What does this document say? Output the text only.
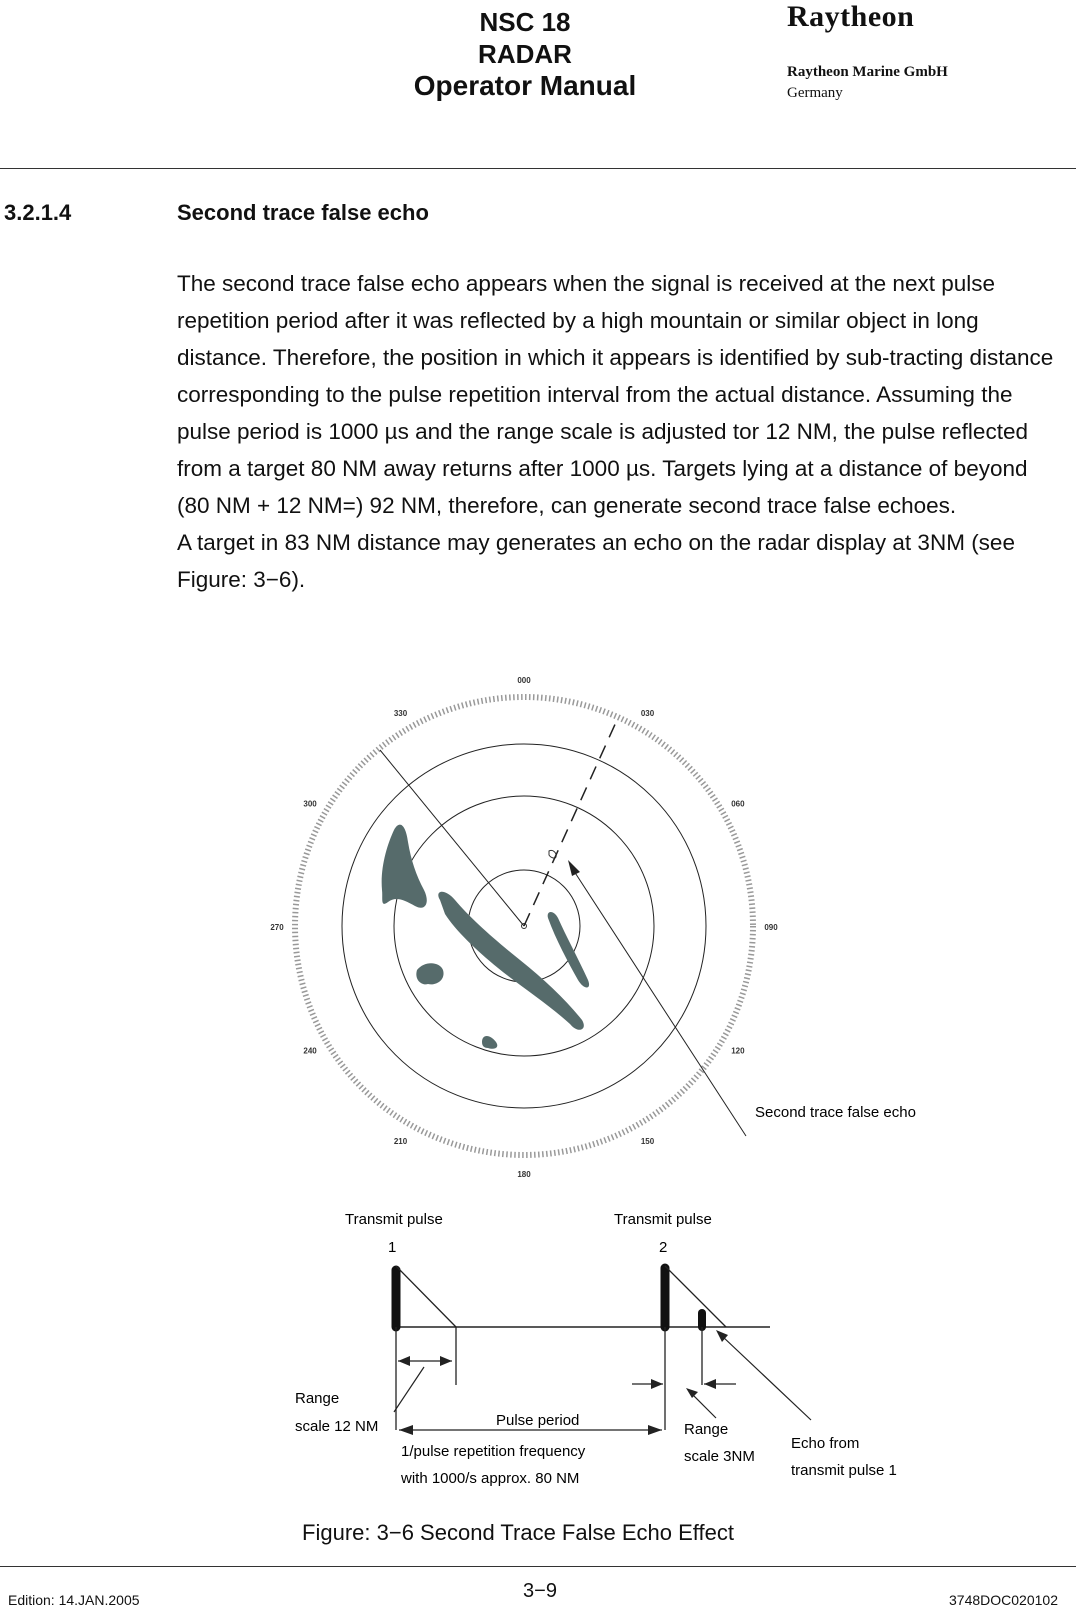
NSC 18
RADAR
Operator Manual
Raytheon
Raytheon Marine GmbH
Germany
3.2.1.4	Second trace false echo

The second trace false echo appears when the signal is received at the next pulse repetition period after it was reflected by a high mountain or similar object in long distance. Therefore, the position in which it appears is identified by sub-tracting distance corresponding to the pulse repetition interval from the actual distance. Assuming the pulse period is 1000 µs and the range scale is adjusted tor 12 NM, the pulse reflected from a target 80 NM away returns after 1000 µs. Targets lying at a distance of beyond (80 NM + 12 NM=) 92 NM, therefore, can generate second trace false echoes.

A target in 83 NM distance may generates an echo on the radar display at 3NM (see Figure: 3−6).

000
030
060
090
120
150
180
210
240
270
300
330
Second trace false echo
Transmit pulse
1
Transmit pulse
2
Range
scale 12 NM	Pulse period
1/pulse repetition frequency
with 1000/s approx. 80 NM
Range
scale 3NM
Echo from
transmit pulse 1
Figure: 3−6 Second Trace False Echo Effect
Edition: 14.JAN.2005	3−9	3748DOC020102
